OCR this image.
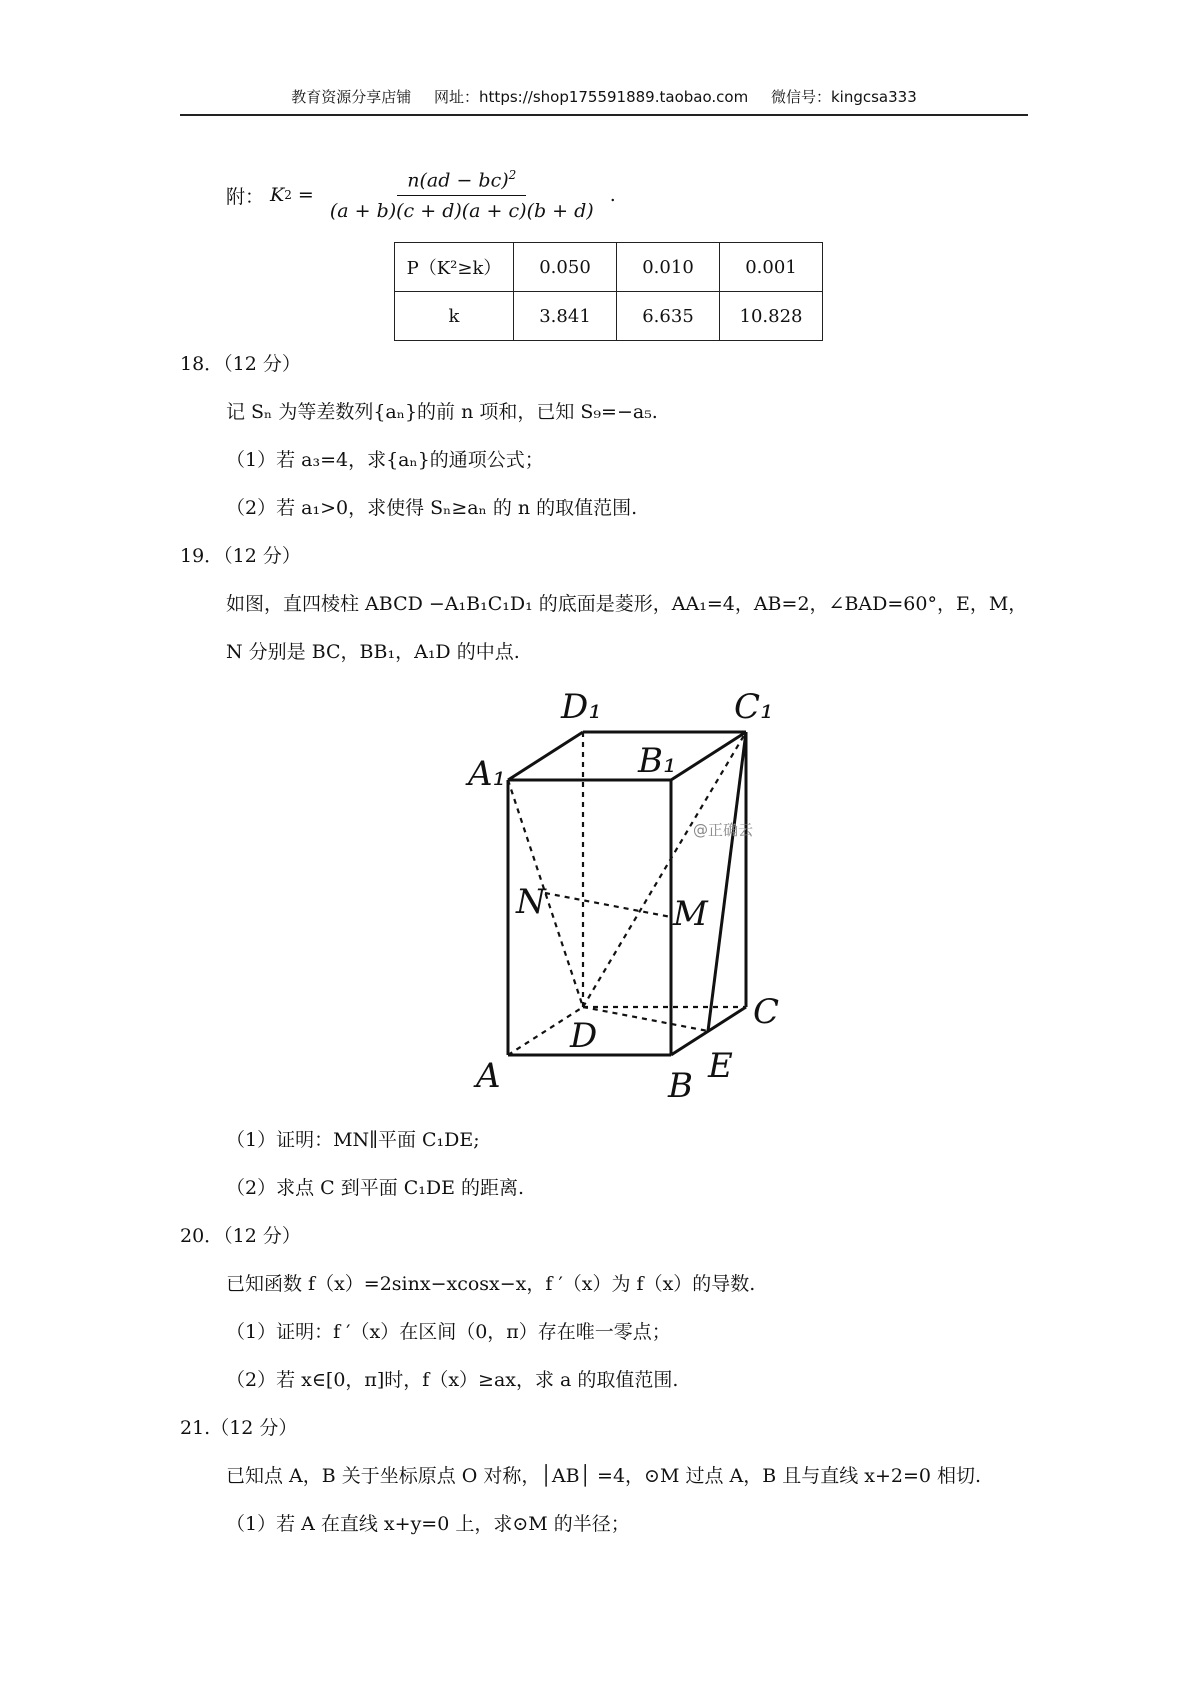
教育资源分享店铺 网址：https://shop175591889.taobao.com 微信号：kingcsa333
附： K $2 = \frac{n(ad - bc)^2}{(a + b)(c + d)(a + c)(b + d)}$ .
P（K²≥k）	0.050	0.010	0.001
k	3.841	6.635	10.828
18．（12 分）
记 Sₙ 为等差数列{aₙ}的前 n 项和，已知 S₉=−a₅.
（1）若 a₃=4，求{aₙ}的通项公式；
（2）若 a₁>0，求使得 Sₙ≥aₙ 的 n 的取值范围.
19．（12 分）
如图，直四棱柱 ABCD −A₁B₁C₁D₁ 的底面是菱形，AA₁=4，AB=2，∠BAD=60°，E，M，
N 分别是 BC，BB₁，A₁D 的中点.
D₁	C₁
A₁	B₁
N	M
D
C
A	B E
@正确云
（1）证明：MN∥平面 C₁DE;
（2）求点 C 到平面 C₁DE 的距离.
20．（12 分）
已知函数 f（x）=2sinx−xcosx−x，f ′（x）为 f（x）的导数.
（1）证明：f ′（x）在区间（0，π）存在唯一零点；
（2）若 x∈[0，π]时，f（x）≥ax，求 a 的取值范围.
21.（12 分）
已知点 A，B 关于坐标原点 O 对称，│AB│ =4，⊙M 过点 A，B 且与直线 x+2=0 相切.
（1）若 A 在直线 x+y=0 上，求⊙M 的半径；
